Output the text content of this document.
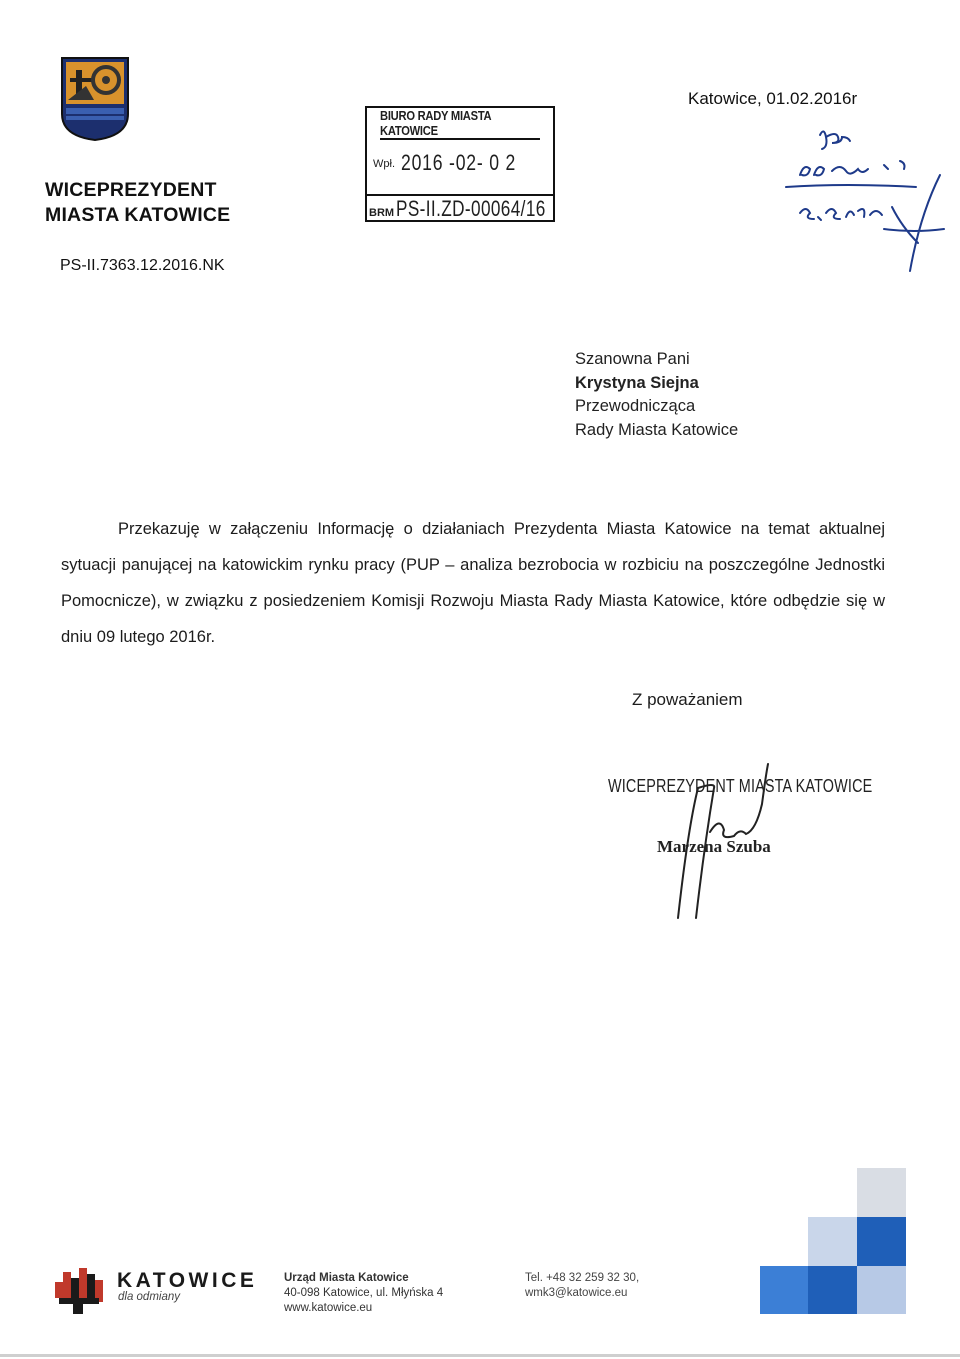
WICEPREZYDENT
MIASTA KATOWICE
PS-II.7363.12.2016.NK
Katowice, 01.02.2016r
BIURO RADY MIASTA KATOWICE
Wpł. 2016 -02- 0 2
BRMPS-II.ZD-00064/16
Szanowna Pani
Krystyna Siejna
Przewodnicząca
Rady Miasta Katowice

Przekazuję w załączeniu Informację o działaniach Prezydenta Miasta Katowice na temat aktualnej sytuacji panującej na katowickim rynku pracy (PUP – analiza bezrobocia w rozbiciu na poszczególne Jednostki Pomocnicze), w związku z posiedzeniem Komisji Rozwoju Miasta Rady Miasta Katowice, które odbędzie się w dniu 09 lutego 2016r.

Z poważaniem
WICEPREZYDENT MIASTA KATOWICE
Marzena Szuba
KATOWICE
dla odmiany
Urząd Miasta Katowice
40-098 Katowice, ul. Młyńska 4
www.katowice.eu
Tel. +48 32 259 32 30,
wmk3@katowice.eu
